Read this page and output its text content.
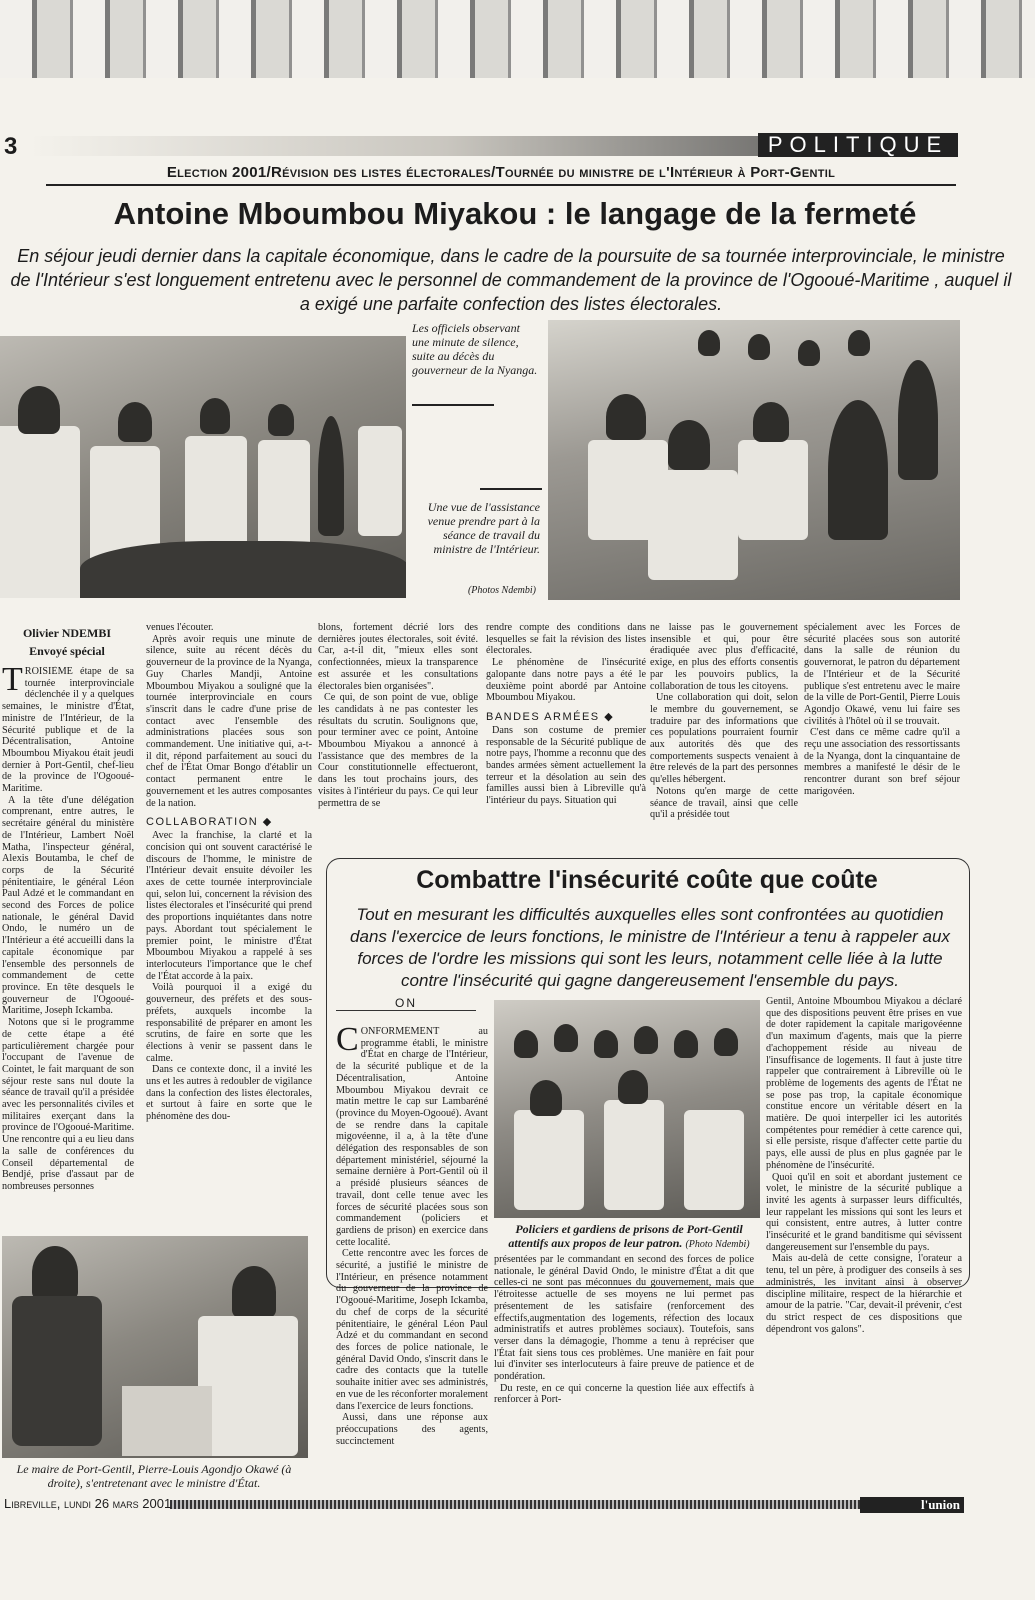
3	POLITIQUE
Election 2001/Révision des listes électorales/Tournée du ministre de l'Intérieur à Port-Gentil
Antoine Mboumbou Miyakou : le langage de la fermeté
En séjour jeudi dernier dans la capitale économique, dans le cadre de la poursuite de sa tournée interprovinciale, le ministre de l'Intérieur s'est longuement entretenu avec le personnel de commandement de la province de l'Ogooué-Maritime , auquel il a exigé une parfaite confection des listes électorales.
Les officiels observant une minute de silence, suite au décès du gouverneur de la Nyanga.
Une vue de l'assistance venue prendre part à la séance de travail du ministre de l'Intérieur.
(Photos Ndembi)
Olivier NDEMBI
Envoyé spécial

TROISIÈME étape de sa tournée interprovinciale déclenchée il y a quelques semaines, le ministre d'État, ministre de l'Intérieur, de la Sécurité publique et de la Décentralisation, Antoine Mboumbou Miyakou était jeudi dernier à Port-Gentil, chef-lieu de la province de l'Ogooué-Maritime.

A la tête d'une délégation comprenant, entre autres, le secrétaire général du ministère de l'Intérieur, Lambert Noël Matha, l'inspecteur général, Alexis Boutamba, le chef de corps de la Sécurité pénitentiaire, le général Léon Paul Adzé et le commandant en second des Forces de police nationale, le général David Ondo, le numéro un de l'Intérieur a été accueilli dans la capitale économique par l'ensemble des personnels de commandement de cette province. En tête desquels le gouverneur de l'Ogooué-Maritime, Joseph Ickamba.

Notons que si le programme de cette étape a été particulièrement chargée pour l'occupant de l'avenue de Cointet, le fait marquant de son séjour reste sans nul doute la séance de travail qu'il a présidée avec les personnalités civiles et militaires exerçant dans la province de l'Ogooué-Maritime. Une rencontre qui a eu lieu dans la salle de conférences du Conseil départemental de Bendjé, prise d'assaut par de nombreuses personnes

venues l'écouter.

Après avoir requis une minute de silence, suite au récent décès du gouverneur de la province de la Nyanga, Guy Charles Mandji, Antoine Mboumbou Miyakou a souligné que la tournée interprovinciale en cours s'inscrit dans le cadre d'une prise de contact avec l'ensemble des administrations placées sous son commandement. Une initiative qui, a-t-il dit, répond parfaitement au souci du chef de l'État Omar Bongo d'établir un contact permanent entre le gouvernement et les autres composantes de la nation.

COLLABORATION ◆

Avec la franchise, la clarté et la concision qui ont souvent caractérisé le discours de l'homme, le ministre de l'Intérieur devait ensuite dévoiler les axes de cette tournée interprovinciale qui, selon lui, concernent la révision des listes électorales et l'insécurité qui prend des proportions inquiétantes dans notre pays. Abordant tout spécialement le premier point, le ministre d'État Mboumbou Miyakou a rappelé à ses interlocuteurs l'importance que le chef de l'État accorde à la paix.

Voilà pourquoi il a exigé du gouverneur, des préfets et des sous-préfets, auxquels incombe la responsabilité de préparer en amont les scrutins, de faire en sorte que les élections à venir se passent dans le calme.

Dans ce contexte donc, il a invité les uns et les autres à redoubler de vigilance dans la confection des listes électorales, et surtout à faire en sorte que le phénomène des dou-

blons, fortement décrié lors des dernières joutes électorales, soit évité. Car, a-t-il dit, "mieux elles sont confectionnées, mieux la transparence est assurée et les consultations électorales bien organisées".

Ce qui, de son point de vue, oblige les candidats à ne pas contester les résultats du scrutin. Soulignons que, pour terminer avec ce point, Antoine Mboumbou Miyakou a annoncé à l'assistance que des membres de la Cour constitutionnelle effectueront, dans les tout prochains jours, des visites à l'intérieur du pays. Ce qui leur permettra de se

rendre compte des conditions dans lesquelles se fait la révision des listes électorales.

Le phénomène de l'insécurité galopante dans notre pays a été le deuxième point abordé par Antoine Mboumbou Miyakou.

BANDES ARMÉES ◆

Dans son costume de premier responsable de la Sécurité publique de notre pays, l'homme a reconnu que des bandes armées sèment actuellement la terreur et la désolation au sein des familles aussi bien à Libreville qu'à l'intérieur du pays. Situation qui

ne laisse pas le gouvernement insensible et qui, pour être éradiquée avec plus d'efficacité, exige, en plus des efforts consentis par les pouvoirs publics, la collaboration de tous les citoyens.

Une collaboration qui doit, selon le membre du gouvernement, se traduire par des informations que ces populations pourraient fournir aux autorités dès que des comportements suspects venaient à être relevés de la part des personnes qu'elles hébergent.

Notons qu'en marge de cette séance de travail, ainsi que celle qu'il a présidée tout

spécialement avec les Forces de sécurité placées sous son autorité dans la salle de réunion du gouvernorat, le patron du département de l'Intérieur et de la Sécurité publique s'est entretenu avec le maire de la ville de Port-Gentil, Pierre Louis Agondjo Okawé, venu lui faire ses civilités à l'hôtel où il se trouvait.

C'est dans ce même cadre qu'il a reçu une association des ressortissants de la Nyanga, dont la cinquantaine de membres a manifesté le désir de le rencontrer durant son bref séjour marigovéen.

Le maire de Port-Gentil, Pierre-Louis Agondjo Okawé (à droite), s'entretenant avec le ministre d'État.
Combattre l'insécurité coûte que coûte
Tout en mesurant les difficultés auxquelles elles sont confrontées au quotidien dans l'exercice de leurs fonctions, le ministre de l'Intérieur a tenu à rappeler aux forces de l'ordre les missions qui sont les leurs, notamment celle liée à la lutte contre l'insécurité qui gagne dangereusement l'ensemble du pays.
ON

CONFORMÉMENT au programme établi, le ministre d'État en charge de l'Intérieur, de la sécurité publique et de la Décentralisation, Antoine Mboumbou Miyakou devrait ce matin mettre le cap sur Lambaréné (province du Moyen-Ogooué). Avant de se rendre dans la capitale migovéenne, il a, à la tête d'une délégation des responsables de son département ministériel, séjourné la semaine dernière à Port-Gentil où il a présidé plusieurs séances de travail, dont celle tenue avec les forces de sécurité placées sous son commandement (policiers et gardiens de prison) en exercice dans cette localité.

Cette rencontre avec les forces de sécurité, a justifié le ministre de l'Intérieur, en présence notamment du gouverneur de la province de l'Ogooué-Maritime, Joseph Ickamba, du chef de corps de la sécurité pénitentiaire, le général Léon Paul Adzé et du commandant en second des forces de police nationale, le général David Ondo, s'inscrit dans le cadre des contacts que la tutelle souhaite initier avec ses administrés, en vue de les réconforter moralement dans l'exercice de leurs fonctions.

Aussi, dans une réponse aux préoccupations des agents, succinctement

Policiers et gardiens de prisons de Port-Gentil attentifs aux propos de leur patron. (Photo Ndembi)

présentées par le commandant en second des forces de police nationale, le général David Ondo, le ministre d'État a dit que celles-ci ne sont pas méconnues du gouvernement, mais que l'étroitesse actuelle de ses moyens ne lui permet pas présentement de les satisfaire (renforcement des effectifs,augmentation des logements, réfection des locaux administratifs et autres problèmes sociaux). Toutefois, sans verser dans la démagogie, l'homme a tenu à repréciser que l'État fait siens tous ces problèmes. Une manière en fait pour lui d'inviter ses interlocuteurs à faire preuve de patience et de pondération.

Du reste, en ce qui concerne la question liée aux effectifs à renforcer à Port-

Gentil, Antoine Mboumbou Miyakou a déclaré que des dispositions peuvent être prises en vue de doter rapidement la capitale marigovéenne d'un maximum d'agents, mais que la pierre d'achoppement réside au niveau de l'insuffisance de logements. Il faut à juste titre rappeler que contrairement à Libreville où le problème de logements des agents de l'État ne se pose pas trop, la capitale économique constitue encore un véritable désert en la matière. De quoi interpeller ici les autorités compétentes pour remédier à cette carence qui, si elle persiste, risque d'affecter cette partie du pays, elle aussi de plus en plus gagnée par le phénomène de l'insécurité.

Quoi qu'il en soit et abordant justement ce volet, le ministre de la sécurité publique a invité les agents à surpasser leurs difficultés, leur rappelant les missions qui sont les leurs et qui consistent, entre autres, à lutter contre l'insécurité et le grand banditisme qui sévissent dangereusement sur l'ensemble du pays.

Mais au-delà de cette consigne, l'orateur a tenu, tel un père, à prodiguer des conseils à ses administrés, les invitant ainsi à observer discipline militaire, respect de la hiérarchie et amour de la patrie. "Car, devait-il prévenir, c'est du strict respect de ces dispositions que dépendront vos galons".

Libreville, lundi 26 mars 2001	l'union
